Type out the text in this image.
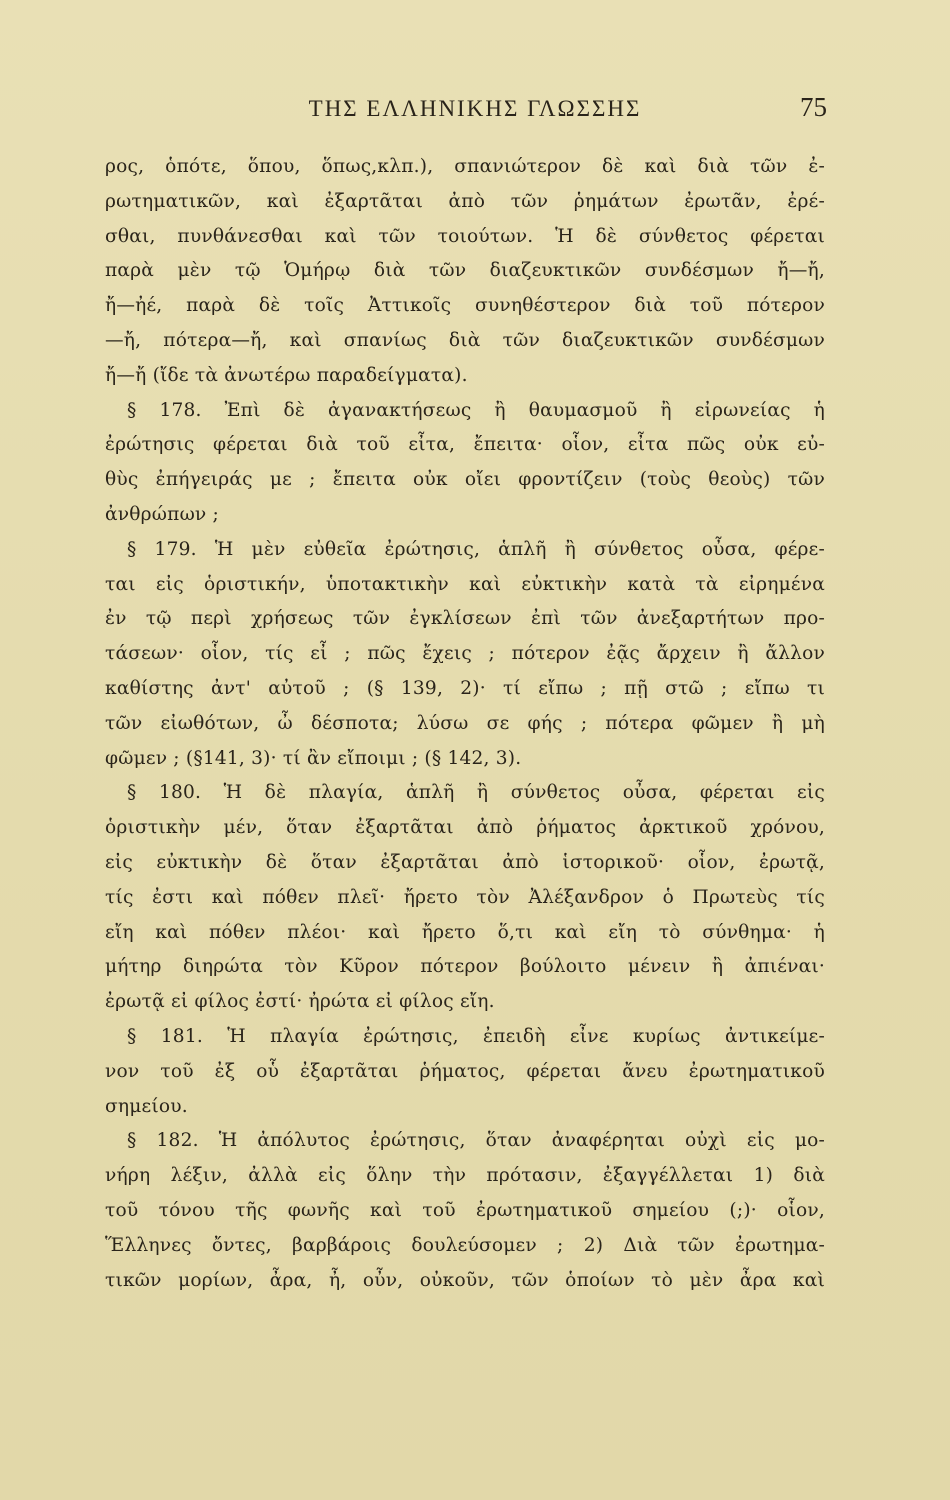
ΤΗΣ ΕΛΛΗΝΙΚΗΣ ΓΛΩΣΣΗΣ	75
ρος, ὁπότε, ὅπου, ὅπως,κλπ.), σπανιώτερον δὲ καὶ διὰ τῶν ἐ-
ρωτηματικῶν, καὶ ἐξαρτᾶται ἀπὸ τῶν ῥημάτων ἐρωτᾶν, ἐρέ-
σθαι, πυνθάνεσθαι καὶ τῶν τοιούτων. Ἡ δὲ σύνθετος φέρεται
παρὰ μὲν τῷ Ὁμήρῳ διὰ τῶν διαζευκτικῶν συνδέσμων ἤ—ἤ,
ἤ—ἠέ, παρὰ δὲ τοῖς Ἀττικοῖς συνηθέστερον διὰ τοῦ πότερον
—ἤ, πότερα—ἤ, καὶ σπανίως διὰ τῶν διαζευκτικῶν συνδέσμων
ἤ—ἤ (ἴδε τὰ ἀνωτέρω παραδείγματα).
§ 178. Ἐπὶ δὲ ἀγανακτήσεως ἢ θαυμασμοῦ ἢ εἰρωνείας ἡ
ἐρώτησις φέρεται διὰ τοῦ εἶτα, ἔπειτα· οἷον, εἶτα πῶς οὐκ εὐ-
θὺς ἐπήγειράς με ; ἔπειτα οὐκ οἴει φροντίζειν (τοὺς θεοὺς) τῶν
ἀνθρώπων ;
§ 179. Ἡ μὲν εὐθεῖα ἐρώτησις, ἁπλῆ ἢ σύνθετος οὖσα, φέρε-
ται εἰς ὁριστικήν, ὑποτακτικὴν καὶ εὐκτικὴν κατὰ τὰ εἰρημένα
ἐν τῷ περὶ χρήσεως τῶν ἐγκλίσεων ἐπὶ τῶν ἀνεξαρτήτων προ-
τάσεων· οἷον, τίς εἶ ; πῶς ἔχεις ; πότερον ἐᾷς ἄρχειν ἢ ἄλλον
καθίστης ἀντ' αὐτοῦ ; (§ 139, 2)· τί εἴπω ; πῇ στῶ ; εἴπω τι
τῶν εἰωθότων, ὦ δέσποτα; λύσω σε φής ; πότερα φῶμεν ἢ μὴ
φῶμεν ; (§141, 3)· τί ἂν εἴποιμι ; (§ 142, 3).
§ 180. Ἡ δὲ πλαγία, ἁπλῆ ἢ σύνθετος οὖσα, φέρεται εἰς
ὁριστικὴν μέν, ὅταν ἐξαρτᾶται ἀπὸ ῥήματος ἀρκτικοῦ χρόνου,
εἰς εὐκτικὴν δὲ ὅταν ἐξαρτᾶται ἀπὸ ἱστορικοῦ· οἷον, ἐρωτᾷ,
τίς ἐστι καὶ πόθεν πλεῖ· ἤρετο τὸν Ἀλέξανδρον ὁ Πρωτεὺς τίς
εἴη καὶ πόθεν πλέοι· καὶ ἤρετο ὅ,τι καὶ εἴη τὸ σύνθημα· ἡ
μήτηρ διηρώτα τὸν Κῦρον πότερον βούλοιτο μένειν ἢ ἀπιέναι·
ἐρωτᾷ εἰ φίλος ἐστί· ἠρώτα εἰ φίλος εἴη.
§ 181. Ἡ πλαγία ἐρώτησις, ἐπειδὴ εἶνε κυρίως ἀντικείμε-
νον τοῦ ἐξ οὗ ἐξαρτᾶται ῥήματος, φέρεται ἄνευ ἐρωτηματικοῦ
σημείου.
§ 182. Ἡ ἀπόλυτος ἐρώτησις, ὅταν ἀναφέρηται οὐχὶ εἰς μο-
νήρη λέξιν, ἀλλὰ εἰς ὅλην τὴν πρότασιν, ἐξαγγέλλεται 1) διὰ
τοῦ τόνου τῆς φωνῆς καὶ τοῦ ἐρωτηματικοῦ σημείου (;)· οἷον,
Ἕλληνες ὄντες, βαρβάροις δουλεύσομεν ; 2) Διὰ τῶν ἐρωτημα-
τικῶν μορίων, ἆρα, ἦ, οὖν, οὐκοῦν, τῶν ὁποίων τὸ μὲν ἆρα καὶ
